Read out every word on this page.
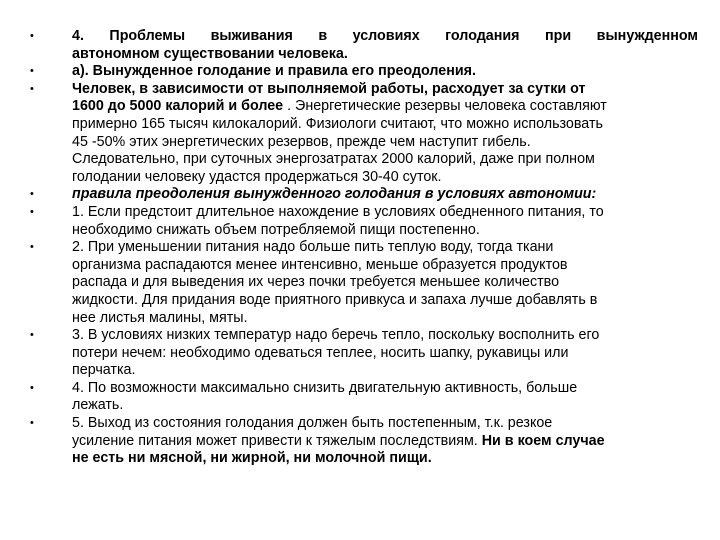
•	4. Проблемы выживания в условиях голодания при вынужденном
автономном существовании человека.
•	а). Вынужденное голодание и правила его преодоления.
•	Человек, в зависимости от выполняемой работы, расходует за сутки от
1600 до 5000 калорий и более . Энергетические резервы человека составляют
примерно 165 тысяч килокалорий. Физиологи считают, что можно использовать
45 -50% этих энергетических резервов, прежде чем наступит гибель.
Следовательно, при суточных энергозатратах 2000 калорий, даже при полном
голодании человеку удастся продержаться 30-40 суток.
•	правила преодоления вынужденного голодания в условиях автономии:
•	1. Если предстоит длительное нахождение в условиях обедненного питания, то
необходимо снижать объем потребляемой пищи постепенно.
•	2. При уменьшении питания надо больше пить теплую воду, тогда ткани
организма распадаются менее интенсивно, меньше образуется продуктов
распада и для выведения их через почки требуется меньшее количество
жидкости. Для придания воде приятного привкуса и запаха лучше добавлять в
нее листья малины, мяты.
•	3. В условиях низких температур надо беречь тепло, поскольку восполнить его
потери нечем: необходимо одеваться теплее, носить шапку, рукавицы или
перчатка.
•	4. По возможности максимально снизить двигательную активность, больше
лежать.
•	5. Выход из состояния голодания должен быть постепенным, т.к. резкое
усиление питания может привести к тяжелым последствиям. Ни в коем случае
не есть ни мясной, ни жирной, ни молочной пищи.
